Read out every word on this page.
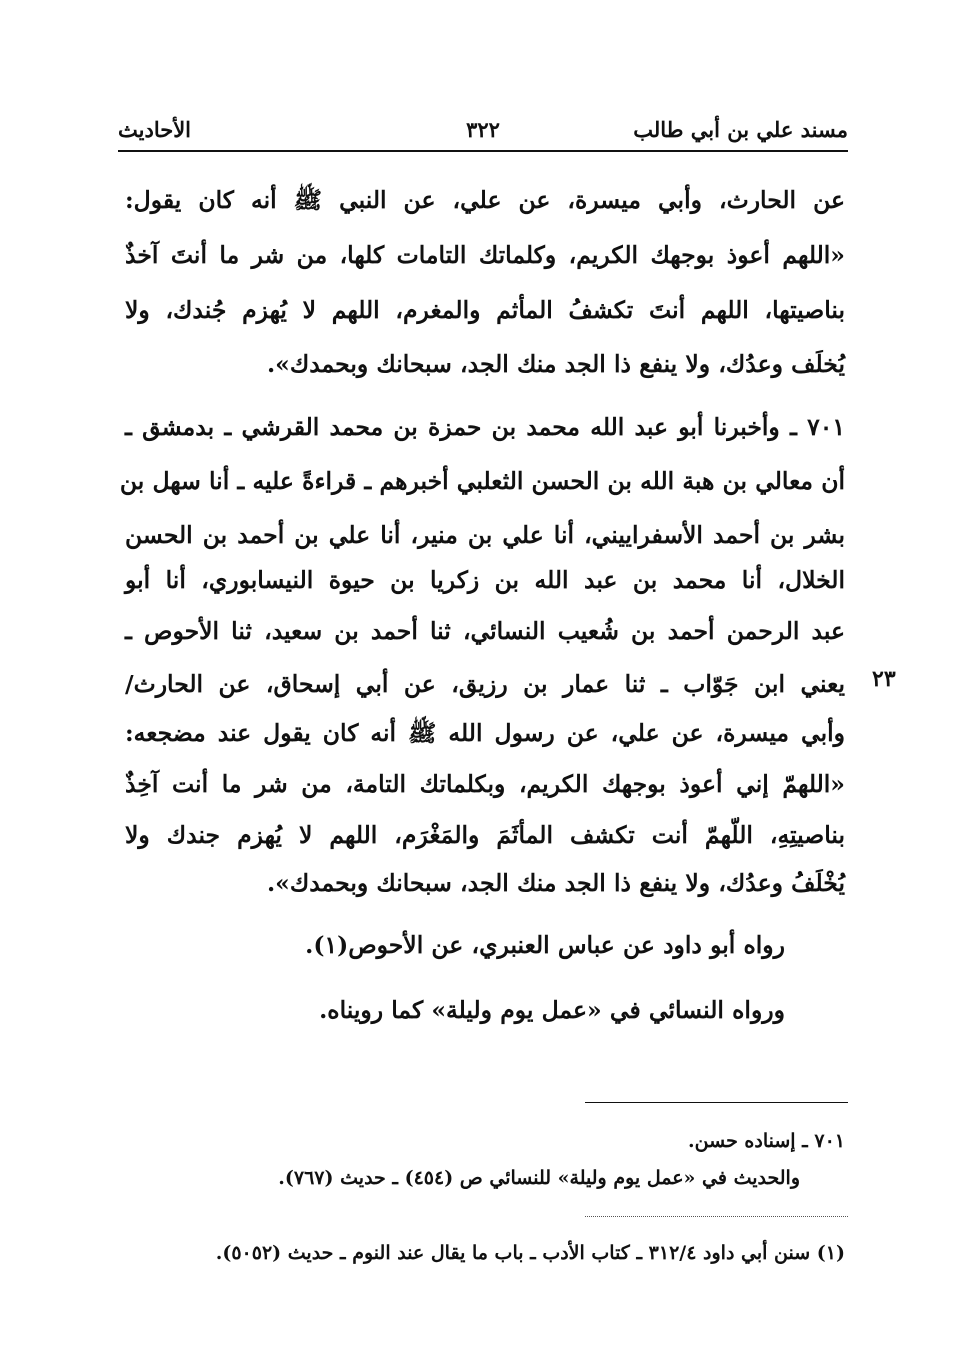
مسند علي بن أبي طالب
٣٢٢
الأحاديث
عن الحارث، وأبي ميسرة، عن علي، عن النبي ﷺ أنه كان يقول:
«اللهم أعوذ بوجهك الكريم، وكلماتك التامات كلها، من شر ما أنتَ آخذٌ
بناصيتها، اللهم أنتَ تكشفُ المأثم والمغرم، اللهم لا يُهزم جُندك، ولا
يُخلَف وعدُك، ولا ينفع ذا الجد منك الجد، سبحانك وبحمدك».
٧٠١ ـ وأخبرنا أبو عبد الله محمد بن حمزة بن محمد القرشي ـ بدمشق ـ
أن معالي بن هبة الله بن الحسن الثعلبي أخبرهم ـ قراءةً عليه ـ أنا سهل بن
بشر بن أحمد الأسفراييني، أنا علي بن منير، أنا علي بن أحمد بن الحسن
الخلال، أنا محمد بن عبد الله بن زكريا بن حيوة النيسابوري، أنا أبو
عبد الرحمن أحمد بن شُعيب النسائي، ثنا أحمد بن سعيد، ثنا الأحوص ـ
يعني ابن جَوّاب ـ ثنا عمار بن رزيق، عن أبي إسحاق، عن الحارث/
وأبي ميسرة، عن علي، عن رسول الله ﷺ أنه كان يقول عند مضجعه:
«اللهمّ إني أعوذ بوجهك الكريم، وبكلماتك التامة، من شر ما أنت آخِذٌ
بناصيتِهِ، اللّهمّ أنت تكشف المأثَمَ والمَغْرَم، اللهم لا يُهزم جندك ولا
يُخْلَفُ وعدُك، ولا ينفع ذا الجد منك الجد، سبحانك وبحمدك».
رواه أبو داود عن عباس العنبري، عن الأحوص(١).
ورواه النسائي في «عمل يوم وليلة» كما رويناه.
٢٣
٧٠١ ـ إسناده حسن.
والحديث في «عمل يوم وليلة» للنسائي ص (٤٥٤) ـ حديث (٧٦٧).
(١) سنن أبي داود ٣١٢/٤ ـ كتاب الأدب ـ باب ما يقال عند النوم ـ حديث (٥٠٥٢).
